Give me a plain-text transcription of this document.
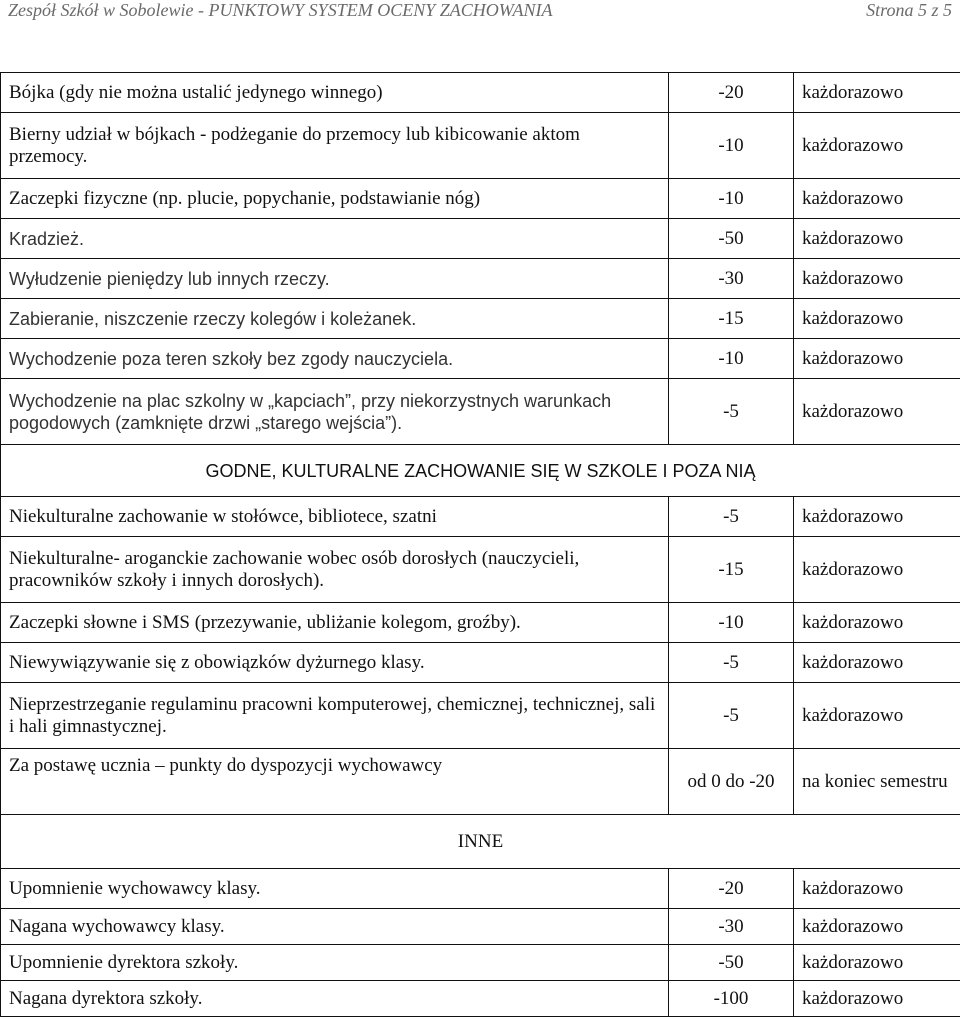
Zespół Szkół w Sobolewie - PUNKTOWY SYSTEM OCENY ZACHOWANIA	Strona 5 z 5
Bójka (gdy nie można ustalić jedynego winnego)	-20	każdorazowo
Bierny udział w bójkach - podżeganie do przemocy lub kibicowanie aktom przemocy.	-10	każdorazowo
Zaczepki fizyczne (np. plucie, popychanie, podstawianie nóg)	-10	każdorazowo
Kradzież.	-50	każdorazowo
Wyłudzenie pieniędzy lub innych rzeczy.	-30	każdorazowo
Zabieranie, niszczenie rzeczy kolegów i koleżanek.	-15	każdorazowo
Wychodzenie poza teren szkoły bez zgody nauczyciela.	-10	każdorazowo
Wychodzenie na plac szkolny w „kapciach”, przy niekorzystnych warunkach pogodowych (zamknięte drzwi „starego wejścia”).	-5	każdorazowo
GODNE, KULTURALNE ZACHOWANIE SIĘ W SZKOLE I POZA NIĄ		
Niekulturalne zachowanie w stołówce, bibliotece, szatni	-5	każdorazowo
Niekulturalne- aroganckie zachowanie wobec osób dorosłych (nauczycieli, pracowników szkoły i innych dorosłych).	-15	każdorazowo
Zaczepki słowne i SMS (przezywanie, ubliżanie kolegom, groźby).	-10	każdorazowo
Niewywiązywanie się z obowiązków dyżurnego klasy.	-5	każdorazowo
Nieprzestrzeganie regulaminu pracowni komputerowej, chemicznej, technicznej, sali i hali gimnastycznej.	-5	każdorazowo
Za postawę ucznia – punkty do dyspozycji wychowawcy	od 0 do -20	na koniec semestru
INNE		
Upomnienie wychowawcy klasy.	-20	każdorazowo
Nagana wychowawcy klasy.	-30	każdorazowo
Upomnienie dyrektora szkoły.	-50	każdorazowo
Nagana dyrektora szkoły.	-100	każdorazowo
